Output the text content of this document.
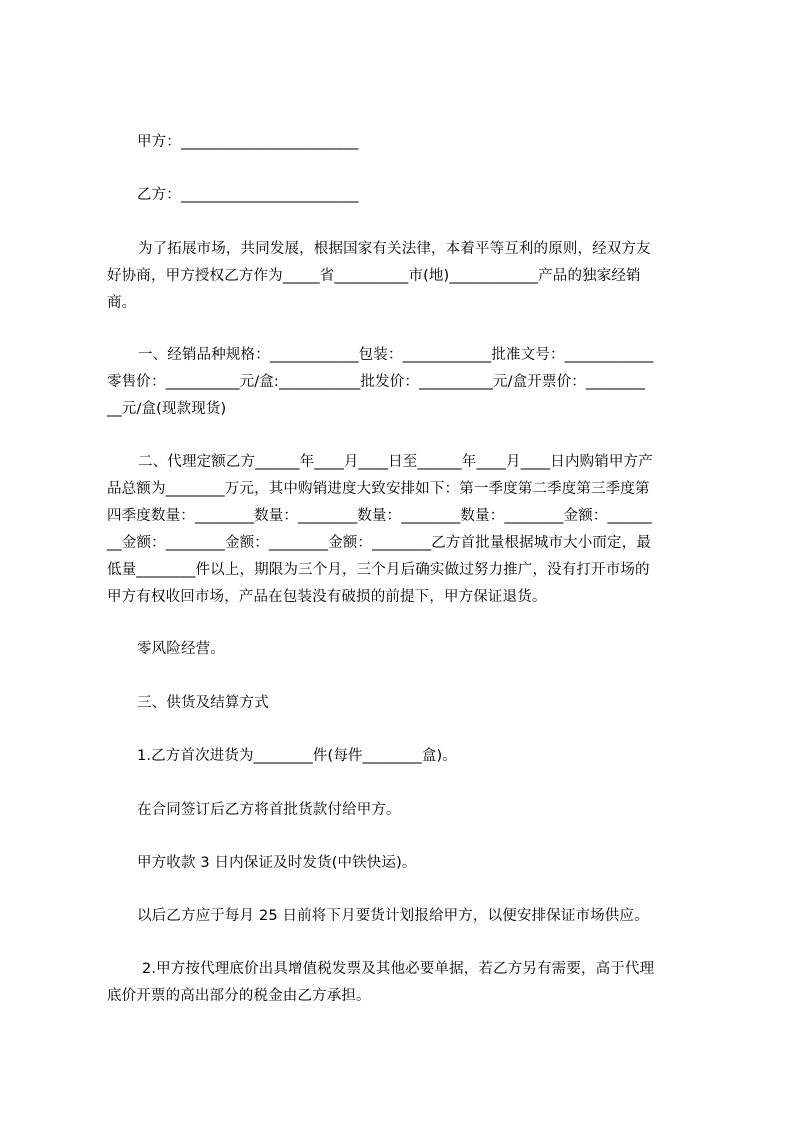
甲方：________________________
乙方：________________________
为了拓展市场，共同发展，根据国家有关法律，本着平等互利的原则，经双方友
好协商，甲方授权乙方作为_____省__________市(地)____________产品的独家经销
商。
一、经销品种规格：____________包装：____________批准文号：____________
零售价：__________元/盒:___________批发价：__________元/盒开票价：________
__元/盒(现款现货)
二、代理定额乙方______年____月____日至______年____月____日内购销甲方产
品总额为________万元，其中购销进度大致安排如下：第一季度第二季度第三季度第
四季度数量：________数量：________数量：________数量：________金额：______
__金额：________金额：________金额：________乙方首批量根据城市大小而定，最
低量________件以上，期限为三个月，三个月后确实做过努力推广，没有打开市场的
甲方有权收回市场，产品在包装没有破损的前提下，甲方保证退货。
零风险经营。
三、供货及结算方式
1.乙方首次进货为________件(每件________盒)。
在合同签订后乙方将首批货款付给甲方。
甲方收款 3 日内保证及时发货(中铁快运)。
以后乙方应于每月 25 日前将下月要货计划报给甲方，以便安排保证市场供应。
2.甲方按代理底价出具增值税发票及其他必要单据，若乙方另有需要，高于代理
底价开票的高出部分的税金由乙方承担。
